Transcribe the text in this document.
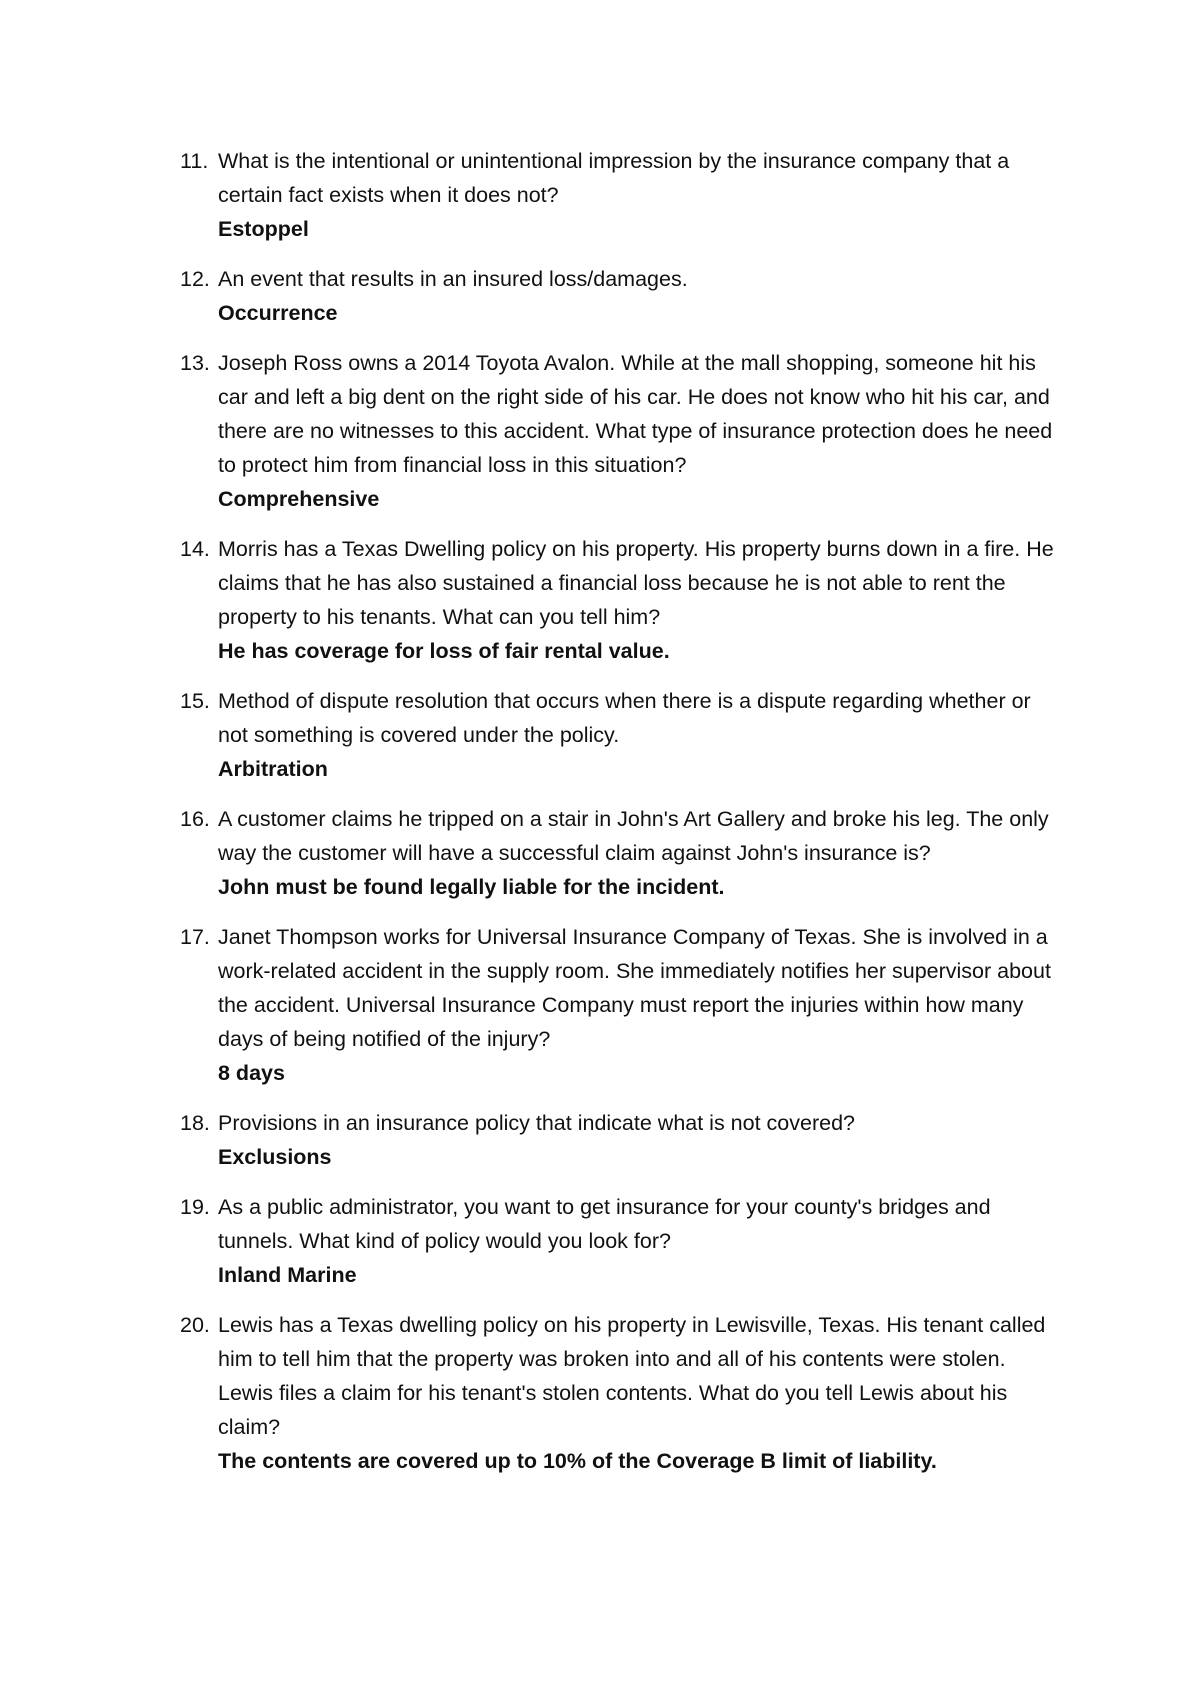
11. What is the intentional or unintentional impression by the insurance company that a certain fact exists when it does not?
Estoppel
12. An event that results in an insured loss/damages.
Occurrence
13. Joseph Ross owns a 2014 Toyota Avalon. While at the mall shopping, someone hit his car and left a big dent on the right side of his car. He does not know who hit his car, and there are no witnesses to this accident. What type of insurance protection does he need to protect him from financial loss in this situation?
Comprehensive
14. Morris has a Texas Dwelling policy on his property. His property burns down in a fire. He claims that he has also sustained a financial loss because he is not able to rent the property to his tenants. What can you tell him?
He has coverage for loss of fair rental value.
15. Method of dispute resolution that occurs when there is a dispute regarding whether or not something is covered under the policy.
Arbitration
16. A customer claims he tripped on a stair in John's Art Gallery and broke his leg. The only way the customer will have a successful claim against John's insurance is?
John must be found legally liable for the incident.
17. Janet Thompson works for Universal Insurance Company of Texas. She is involved in a work-related accident in the supply room. She immediately notifies her supervisor about the accident. Universal Insurance Company must report the injuries within how many days of being notified of the injury?
8 days
18. Provisions in an insurance policy that indicate what is not covered?
Exclusions
19. As a public administrator, you want to get insurance for your county's bridges and tunnels. What kind of policy would you look for?
Inland Marine
20. Lewis has a Texas dwelling policy on his property in Lewisville, Texas. His tenant called him to tell him that the property was broken into and all of his contents were stolen. Lewis files a claim for his tenant's stolen contents. What do you tell Lewis about his claim?
The contents are covered up to 10% of the Coverage B limit of liability.
